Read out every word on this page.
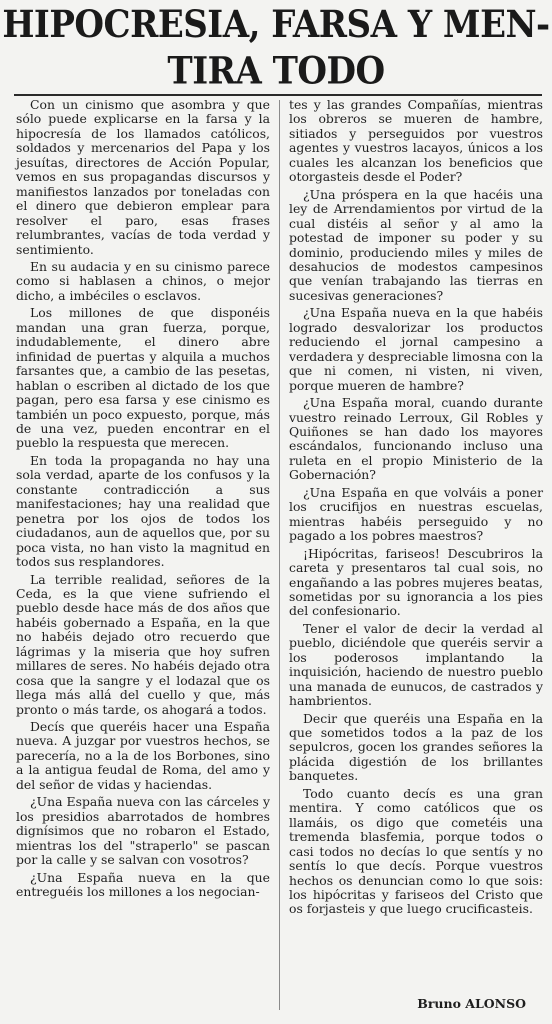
HIPOCRESIA, FARSA Y MEN-
TIRA TODO

Con un cinismo que asombra y que sólo puede explicarse en la farsa y la hipocresía de los llamados católicos, soldados y mercenarios del Papa y los jesuítas, directores de Acción Popular, vemos en sus propagandas discursos y manifiestos lanzados por toneladas con el dinero que debieron emplear para resolver el paro, esas frases relumbrantes, vacías de toda verdad y sentimiento.

En su audacia y en su cinismo parece como si hablasen a chinos, o mejor dicho, a imbéciles o esclavos.

Los millones de que disponéis mandan una gran fuerza, porque, indudablemente, el dinero abre infinidad de puertas y alquila a muchos farsantes que, a cambio de las pesetas, hablan o escriben al dictado de los que pagan, pero esa farsa y ese cinismo es también un poco expuesto, porque, más de una vez, pueden encontrar en el pueblo la respuesta que merecen.

En toda la propaganda no hay una sola verdad, aparte de los confusos y la constante contradicción a sus manifestaciones; hay una realidad que penetra por los ojos de todos los ciudadanos, aun de aquellos que, por su poca vista, no han visto la magnitud en todos sus resplandores.

La terrible realidad, señores de la Ceda, es la que viene sufriendo el pueblo desde hace más de dos años que habéis gobernado a España, en la que no habéis dejado otro recuerdo que lágrimas y la miseria que hoy sufren millares de seres. No habéis dejado otra cosa que la sangre y el lodazal que os llega más allá del cuello y que, más pronto o más tarde, os ahogará a todos.

Decís que queréis hacer una España nueva. A juzgar por vuestros hechos, se parecería, no a la de los Borbones, sino a la antigua feudal de Roma, del amo y del señor de vidas y haciendas.

¿Una España nueva con las cárceles y los presidios abarrotados de hombres dignísimos que no robaron el Estado, mientras los del "straperlo" se pascan por la calle y se salvan con vosotros?

¿Una España nueva en la que entreguéis los millones a los negocian-

tes y las grandes Compañías, mientras los obreros se mueren de hambre, sitiados y perseguidos por vuestros agentes y vuestros lacayos, únicos a los cuales les alcanzan los beneficios que otorgasteis desde el Poder?

¿Una próspera en la que hacéis una ley de Arrendamientos por virtud de la cual distéis al señor y al amo la potestad de imponer su poder y su dominio, produciendo miles y miles de desahucios de modestos campesinos que venían trabajando las tierras en sucesivas generaciones?

¿Una España nueva en la que habéis logrado desvalorizar los productos reduciendo el jornal campesino a verdadera y despreciable limosna con la que ni comen, ni visten, ni viven, porque mueren de hambre?

¿Una España moral, cuando durante vuestro reinado Lerroux, Gil Robles y Quiñones se han dado los mayores escándalos, funcionando incluso una ruleta en el propio Ministerio de la Gobernación?

¿Una España en que volváis a poner los crucifijos en nuestras escuelas, mientras habéis perseguido y no pagado a los pobres maestros?

¡Hipócritas, fariseos! Descubriros la careta y presentaros tal cual sois, no engañando a las pobres mujeres beatas, sometidas por su ignorancia a los pies del confesionario.

Tener el valor de decir la verdad al pueblo, diciéndole que queréis servir a los poderosos implantando la inquisición, haciendo de nuestro pueblo una manada de eunucos, de castrados y hambrientos.

Decir que queréis una España en la que sometidos todos a la paz de los sepulcros, gocen los grandes señores la plácida digestión de los brillantes banquetes.

Todo cuanto decís es una gran mentira. Y como católicos que os llamáis, os digo que cometéis una tremenda blasfemia, porque todos o casi todos no decías lo que sentís y no sentís lo que decís. Porque vuestros hechos os denuncian como lo que sois: los hipócritas y fariseos del Cristo que os forjasteis y que luego crucificasteis.

Bruno ALONSO
